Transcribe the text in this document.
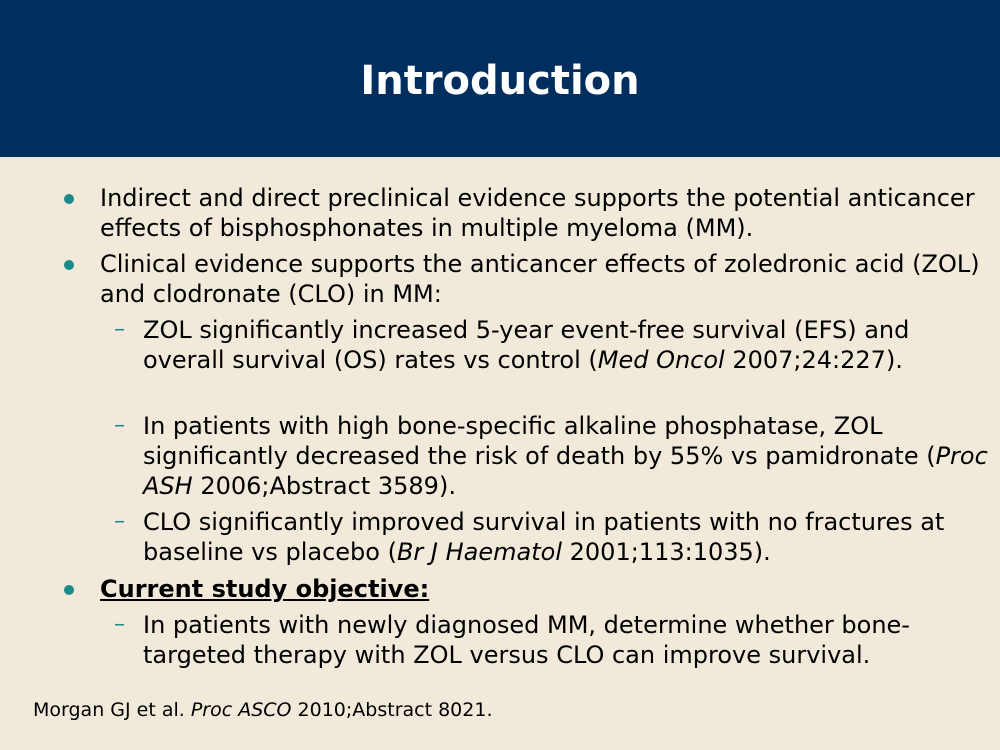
Introduction
Indirect and direct preclinical evidence supports the potential anticancer effects of bisphosphonates in multiple myeloma (MM).
Clinical evidence supports the anticancer effects of zoledronic acid (ZOL) and clodronate (CLO) in MM:
– ZOL significantly increased 5-year event-free survival (EFS) and overall survival (OS) rates vs control (Med Oncol 2007;24:227).
– In patients with high bone-specific alkaline phosphatase, ZOL significantly decreased the risk of death by 55% vs pamidronate (Proc ASH 2006;Abstract 3589).
– CLO significantly improved survival in patients with no fractures at baseline vs placebo (Br J Haematol 2001;113:1035).
Current study objective:
– In patients with newly diagnosed MM, determine whether bone-targeted therapy with ZOL versus CLO can improve survival.
Morgan GJ et al. Proc ASCO 2010;Abstract 8021.
